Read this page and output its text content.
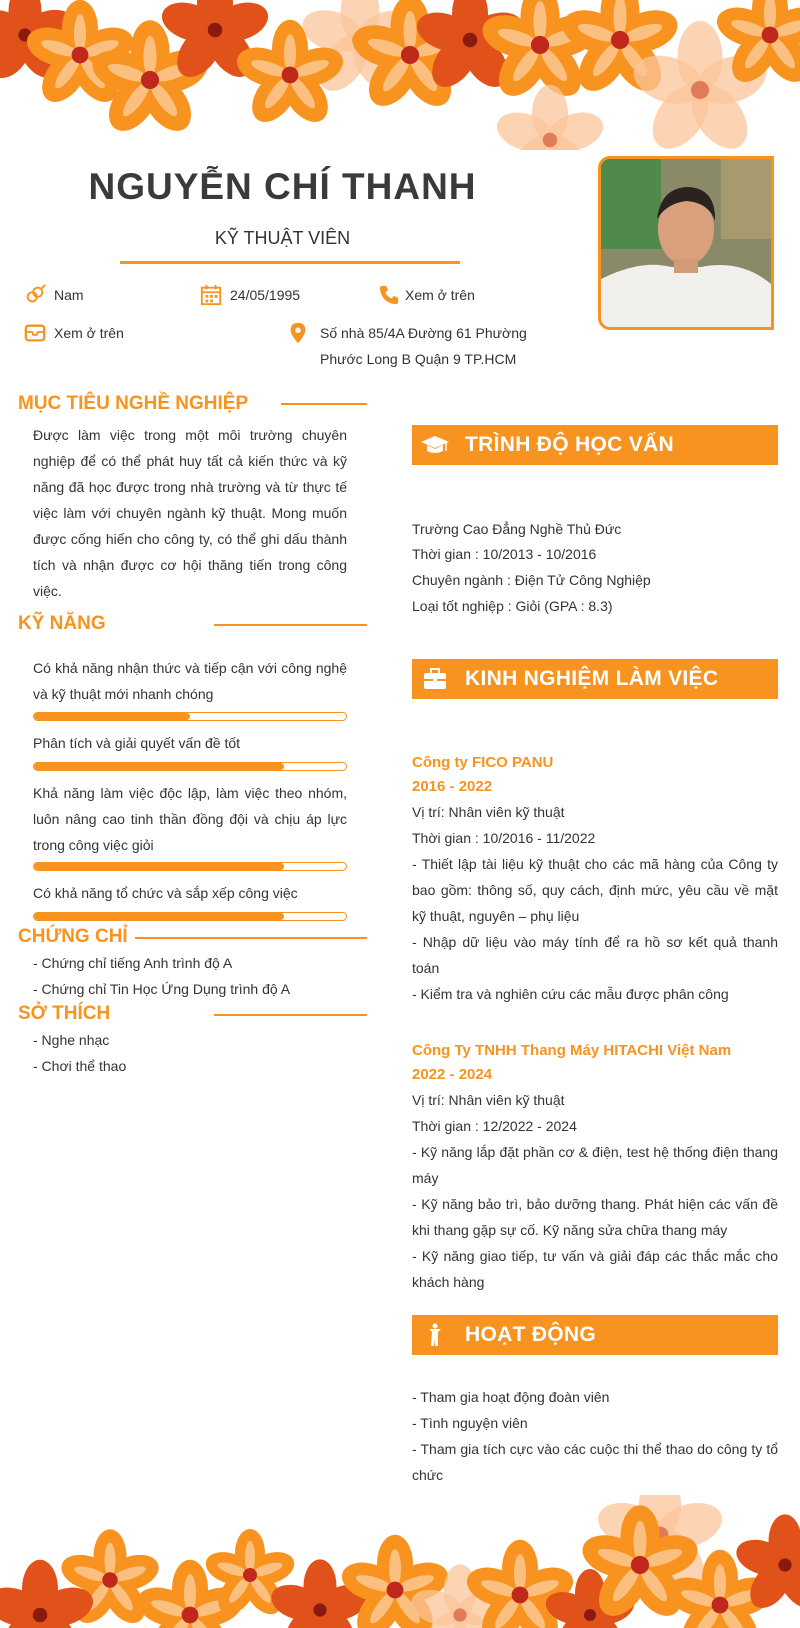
NGUYỄN CHÍ THANH
KỸ THUẬT VIÊN
Nam	24/05/1995	Xem ở trên
Xem ở trên	Số nhà 85/4A Đường 61 Phường
Phước Long B Quận 9 TP.HCM
MỤC TIÊU NGHỀ NGHIỆP
Được làm việc trong một môi trường chuyên nghiệp để có thể phát huy tất cả kiến thức và kỹ năng đã học được trong nhà trường và từ thực tế việc làm với chuyên ngành kỹ thuật. Mong muốn được cống hiến cho công ty, có thể ghi dấu thành tích và nhận được cơ hội thăng tiến trong công việc.
KỸ NĂNG
Có khả năng nhận thức và tiếp cận với công nghệ và kỹ thuật mới nhanh chóng
Phân tích và giải quyết vấn đề tốt
Khả năng làm việc độc lập, làm việc theo nhóm, luôn nâng cao tinh thần đồng đội và chịu áp lực trong công việc giỏi
Có khả năng tổ chức và sắp xếp công việc
CHỨNG CHỈ
- Chứng chỉ tiếng Anh trình độ A
- Chứng chỉ Tin Học Ứng Dụng trình độ A
SỞ THÍCH
- Nghe nhạc
- Chơi thể thao
TRÌNH ĐỘ HỌC VẤN
Trường Cao Đẳng Nghề Thủ Đức
Thời gian : 10/2013 - 10/2016
Chuyên ngành : Điện Tử Công Nghiệp
Loại tốt nghiệp : Giỏi (GPA : 8.3)
KINH NGHIỆM LÀM VIỆC
Công ty FICO PANU
2016 - 2022
Vị trí: Nhân viên kỹ thuật
Thời gian : 10/2016 - 11/2022
- Thiết lập tài liệu kỹ thuật cho các mã hàng của Công ty bao gồm: thông số, quy cách, định mức, yêu cầu về mặt kỹ thuật, nguyên – phụ liệu
- Nhập dữ liệu vào máy tính để ra hồ sơ kết quả thanh toán
- Kiểm tra và nghiên cứu các mẫu được phân công
Công Ty TNHH Thang Máy HITACHI Việt Nam
2022 - 2024
Vị trí: Nhân viên kỹ thuật
Thời gian : 12/2022 - 2024
- Kỹ năng lắp đặt phần cơ & điện, test hệ thống điện thang máy
- Kỹ năng bảo trì, bảo dưỡng thang. Phát hiện các vấn đề khi thang gặp sự cố. Kỹ năng sửa chữa thang máy
- Kỹ năng giao tiếp, tư vấn và giải đáp các thắc mắc cho khách hàng
HOẠT ĐỘNG
- Tham gia hoạt động đoàn viên
- Tình nguyện viên
- Tham gia tích cực vào các cuộc thi thể thao do công ty tổ chức
